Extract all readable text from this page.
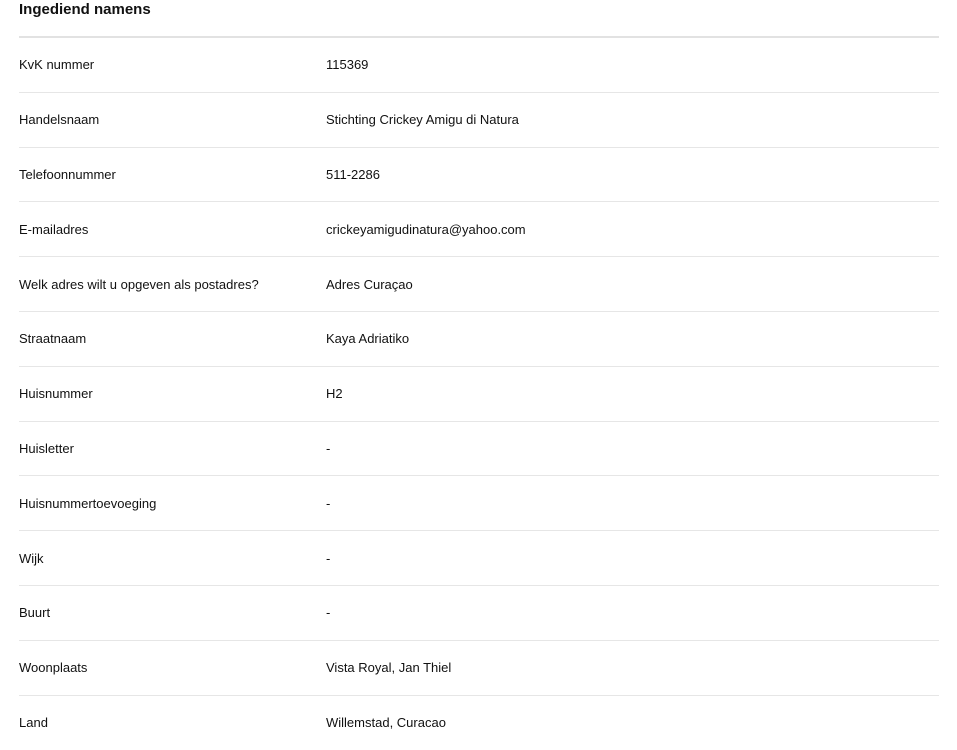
Ingediend namens
KvK nummer	115369
Handelsnaam	Stichting Crickey Amigu di Natura
Telefoonnummer	511-2286
E-mailadres	crickeyamigudinatura@yahoo.com
Welk adres wilt u opgeven als postadres?	Adres Curaçao
Straatnaam	Kaya Adriatiko
Huisnummer	H2
Huisletter	-
Huisnummertoevoeging	-
Wijk	-
Buurt	-
Woonplaats	Vista Royal, Jan Thiel
Land	Willemstad, Curacao
